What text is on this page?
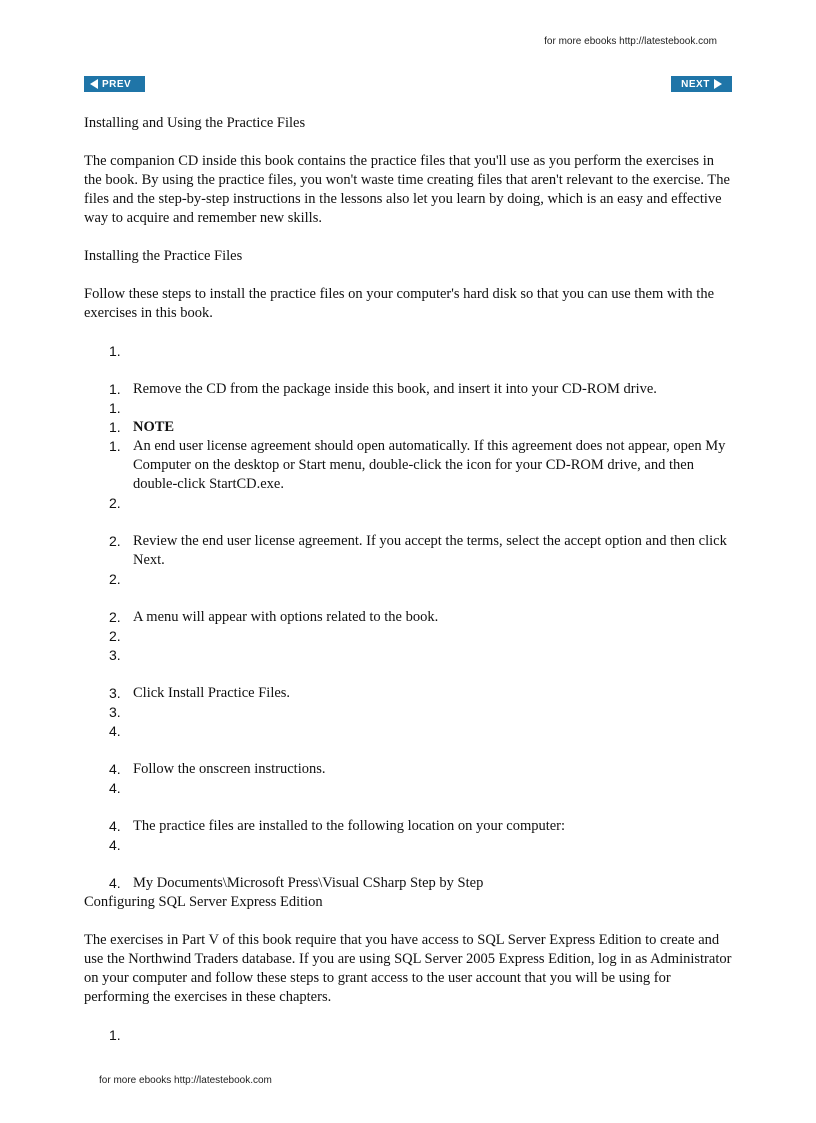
for more ebooks http://latestebook.com
PREV	NEXT
Installing and Using the Practice Files

The companion CD inside this book contains the practice files that you'll use as you perform the exercises in the book. By using the practice files, you won't waste time creating files that aren't relevant to the exercise. The files and the step-by-step instructions in the lessons also let you learn by doing, which is an easy and effective way to acquire and remember new skills.

Installing the Practice Files

Follow these steps to install the practice files on your computer's hard disk so that you can use them with the exercises in this book.

1.
1. Remove the CD from the package inside this book, and insert it into your CD-ROM drive.
1.
1. NOTE
1. An end user license agreement should open automatically. If this agreement does not appear, open My Computer on the desktop or Start menu, double-click the icon for your CD-ROM drive, and then double-click StartCD.exe.
2.
2. Review the end user license agreement. If you accept the terms, select the accept option and then click Next.
2.
2. A menu will appear with options related to the book.
2.
3.
3. Click Install Practice Files.
3.
4.
4. Follow the onscreen instructions.
4.
4. The practice files are installed to the following location on your computer:
4.
4. My Documents\Microsoft Press\Visual CSharp Step by Step
Configuring SQL Server Express Edition

The exercises in Part V of this book require that you have access to SQL Server Express Edition to create and use the Northwind Traders database. If you are using SQL Server 2005 Express Edition, log in as Administrator on your computer and follow these steps to grant access to the user account that you will be using for performing the exercises in these chapters.

1.
for more ebooks http://latestebook.com
